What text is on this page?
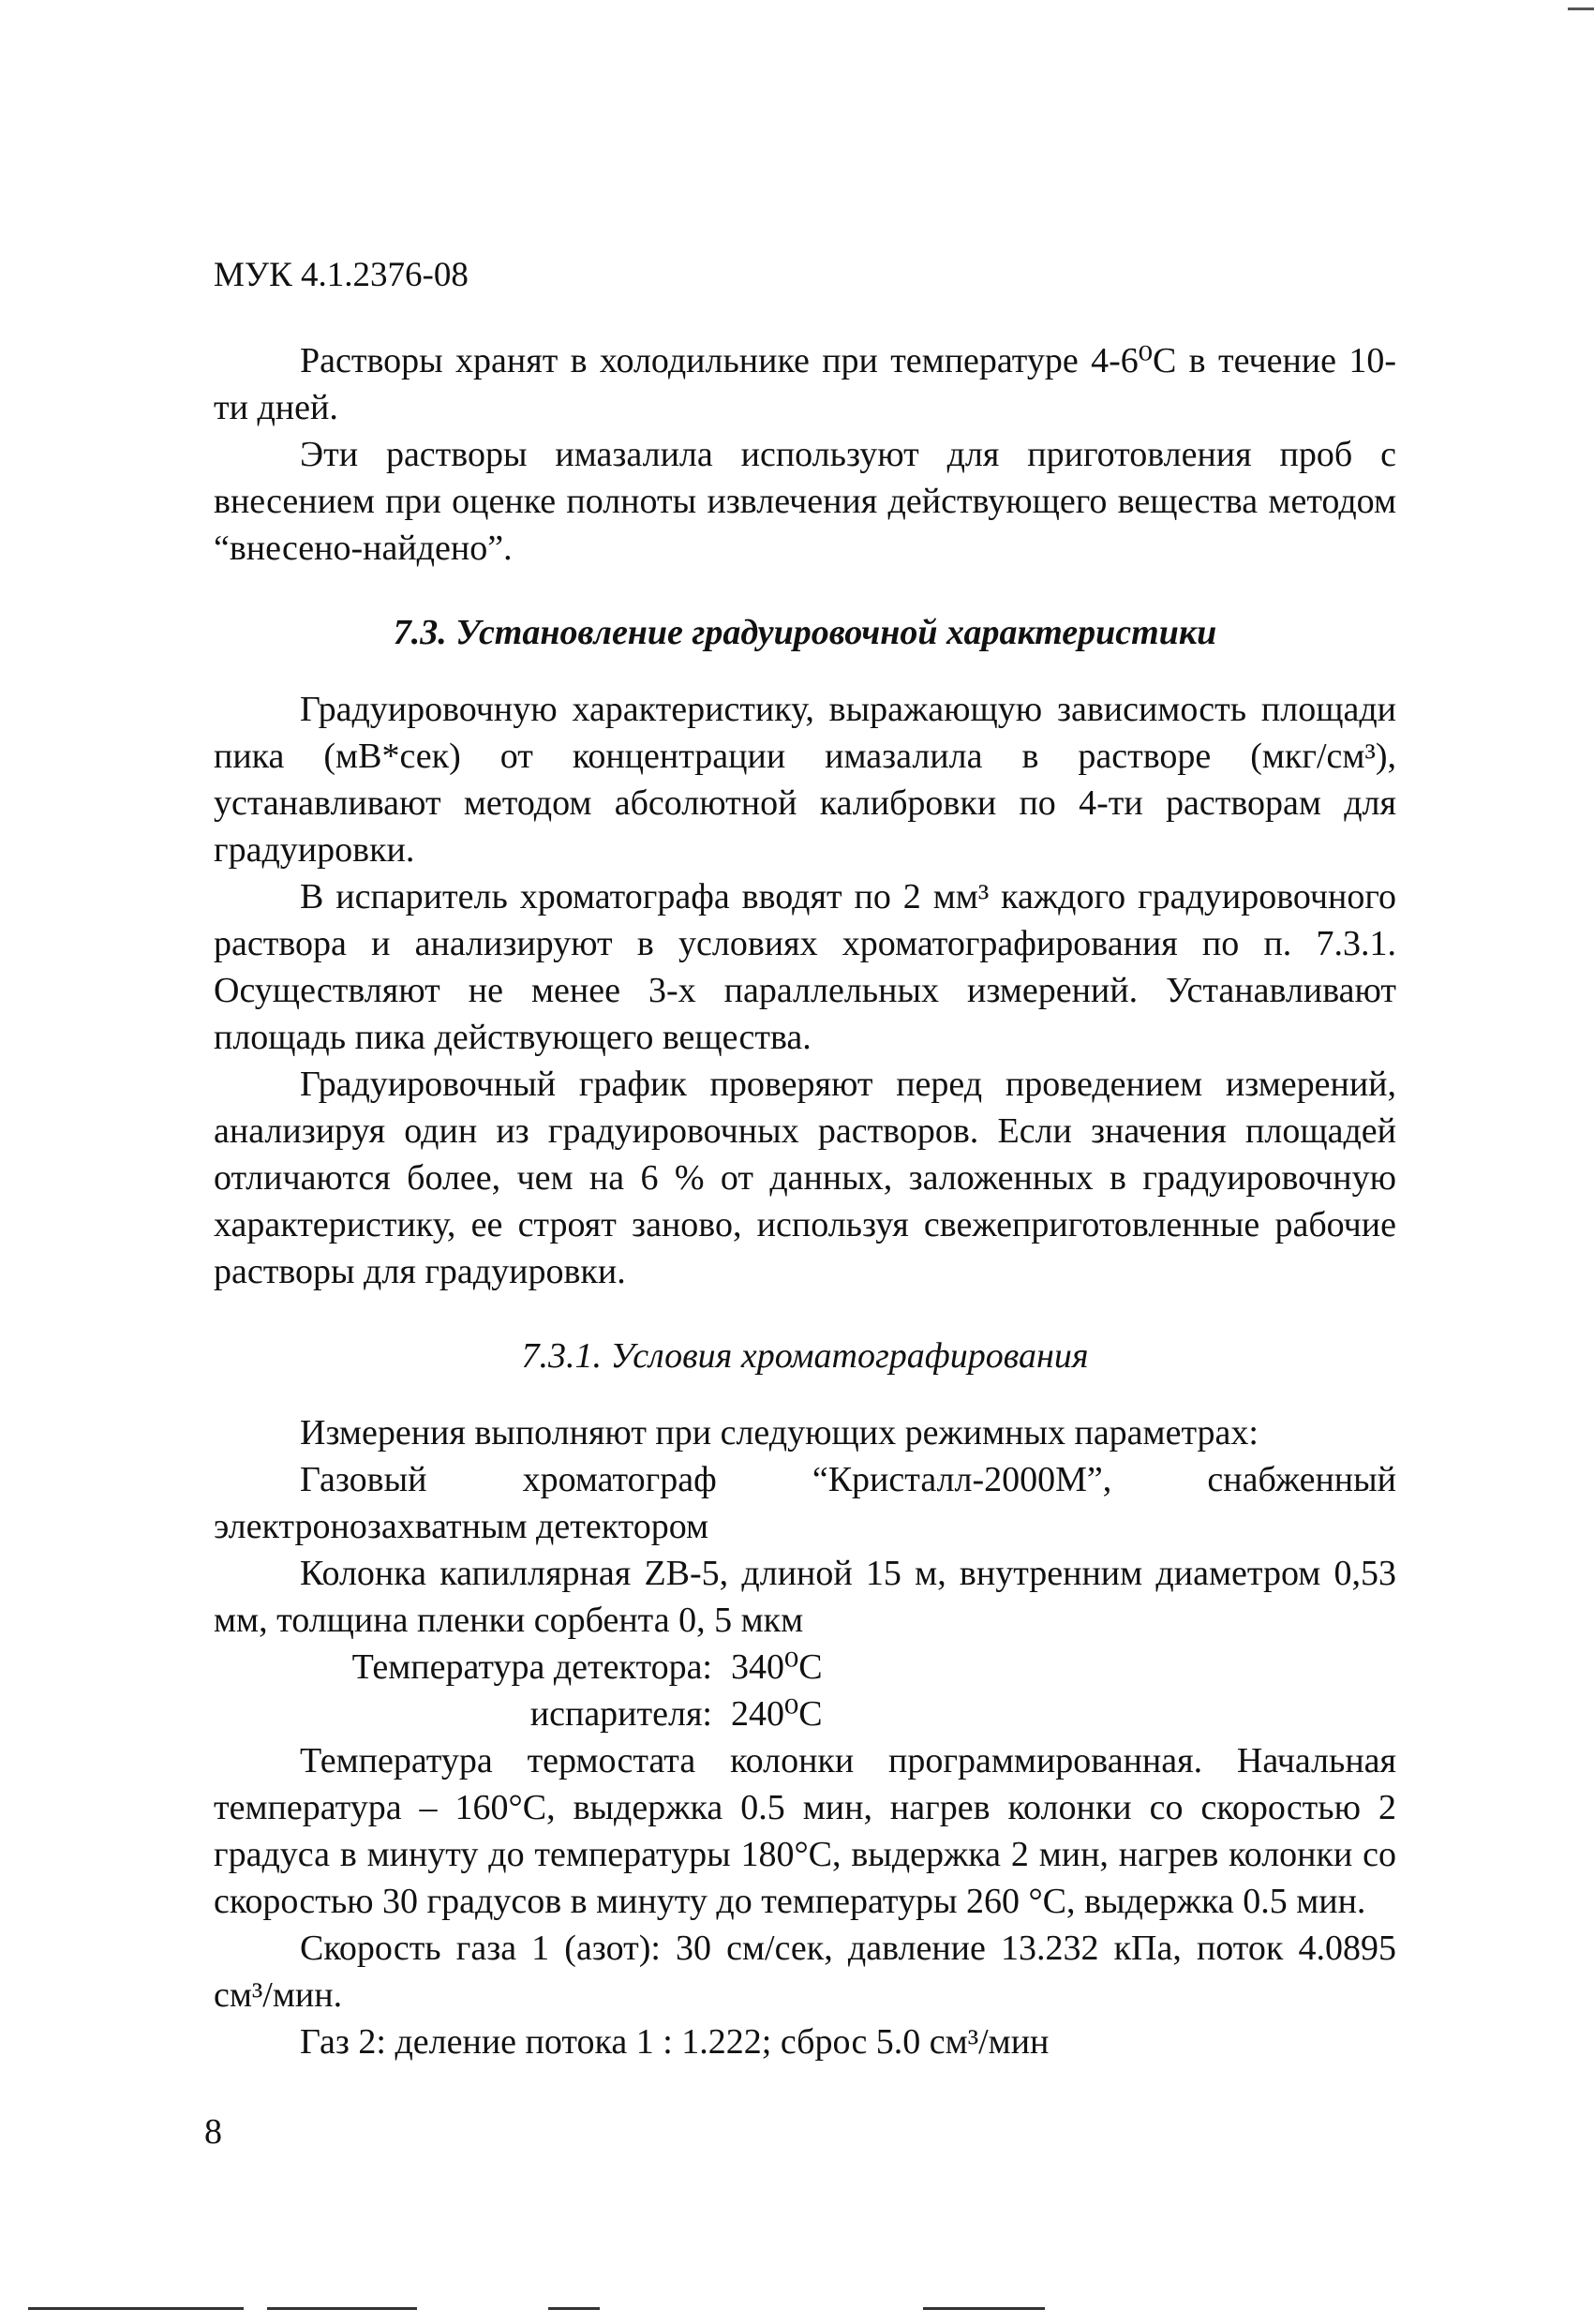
МУК 4.1.2376-08

Растворы хранят в холодильнике при температуре 4-6⁰С в течение 10-ти дней.

Эти растворы имазалила используют для приготовления проб с внесением при оценке полноты извлечения действующего вещества методом “внесено-найдено”.

7.3. Установление градуировочной характеристики

Градуировочную характеристику, выражающую зависимость площади пика (мВ*сек) от концентрации имазалила в растворе (мкг/см³), устанавливают методом абсолютной калибровки по 4-ти растворам для градуировки.

В испаритель хроматографа вводят по 2 мм³ каждого градуировочного раствора и анализируют в условиях хроматографирования по п. 7.3.1. Осуществляют не менее 3-х параллельных измерений. Устанавливают площадь пика действующего вещества.

Градуировочный график проверяют перед проведением измерений, анализируя один из градуировочных растворов. Если значения площадей отличаются более, чем на 6 % от данных, заложенных в градуировочную характеристику, ее строят заново, используя свежеприготовленные рабочие растворы для градуировки.

7.3.1. Условия хроматографирования

Измерения выполняют при следующих режимных параметрах:

Газовый хроматограф “Кристалл-2000М”, снабженный электронозахватным детектором

Колонка капиллярная ZB-5, длиной 15 м, внутренним диаметром 0,53 мм, толщина пленки сорбента 0, 5 мкм

Температура детектора: 340⁰С
испарителя: 240⁰С

Температура термостата колонки программированная. Начальная температура – 160°С, выдержка 0.5 мин, нагрев колонки со скоростью 2 градуса в минуту до температуры 180°С, выдержка 2 мин, нагрев колонки со скоростью 30 градусов в минуту до температуры 260 °С, выдержка 0.5 мин.

Скорость газа 1 (азот): 30 см/сек, давление 13.232 кПа, поток 4.0895 см³/мин.

Газ 2: деление потока 1 : 1.222; сброс 5.0 см³/мин

8
